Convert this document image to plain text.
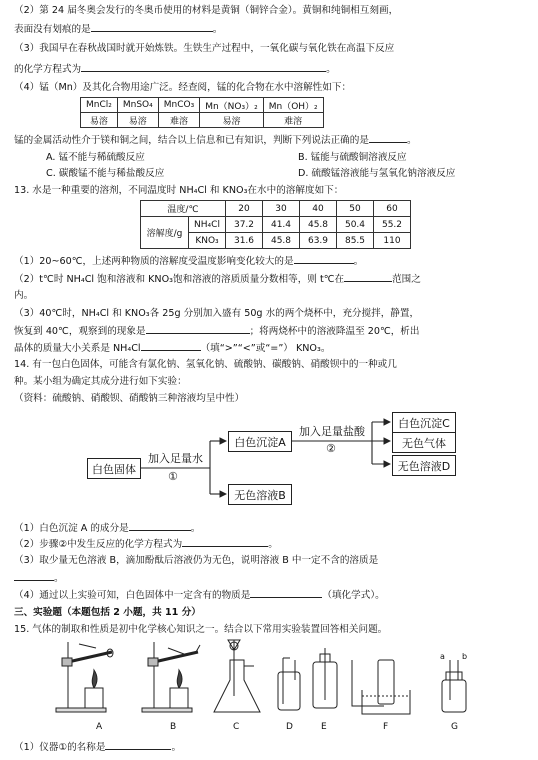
（2）第 24 届冬奥会发行的冬奥币使用的材料是黄铜（铜锌合金）。黄铜和纯铜相互刻画，
表面没有划痕的是	。
（3）我国早在春秋战国时就开始炼铁。生铁生产过程中，一氧化碳与氧化铁在高温下反应
的化学方程式为	。
（4）锰（Mn）及其化合物用途广泛。经查阅，锰的化合物在水中溶解性如下：
MnCl₂	MnSO₄	MnCO₃	Mn（NO₃）₂	Mn（OH）₂
易溶	易溶	难溶	易溶	难溶
锰的金属活动性介于镁和铜之间，结合以上信息和已有知识，判断下列说法正确的是	。
A. 锰不能与稀硫酸反应	B. 锰能与硫酸铜溶液反应
C. 碳酸锰不能与稀盐酸反应	D. 硫酸锰溶液能与氢氧化钠溶液反应
13. 水是一种重要的溶剂，不同温度时 NH₄Cl 和 KNO₃在水中的溶解度如下：
温度/℃		20	30	40	50	60
溶解度/g	NH₄Cl	37.2	41.4	45.8	50.4	55.2
	KNO₃	31.6	45.8	63.9	85.5	110
（1）20~60℃，上述两种物质的溶解度受温度影响变化较大的是	。
（2）t℃时 NH₄Cl 饱和溶液和 KNO₃饱和溶液的溶质质量分数相等，则 t℃在	范围之
内。
（3）40℃时，NH₄Cl 和 KNO₃各 25g 分别加入盛有 50g 水的两个烧杯中，充分搅拌，静置，
恢复到 40℃，观察到的现象是	；将两烧杯中的溶液降温至 20℃，析出
晶体的质量大小关系是 NH₄Cl	（填“>”“<”或“=”） KNO₃。
14. 有一包白色固体，可能含有氯化钠、氢氧化钠、硫酸钠、碳酸钠、硝酸钡中的一种或几
种。某小组为确定其成分进行如下实验：
（资料：硫酸钠、硝酸钡、硝酸钠三种溶液均呈中性）
白色固体
加入足量水
①
白色沉淀A
无色溶液B
加入足量盐酸
②
白色沉淀C
无色气体
无色溶液D
（1）白色沉淀 A 的成分是	。
（2）步骤②中发生反应的化学方程式为	。
（3）取少量无色溶液 B，滴加酚酞后溶液仍为无色，说明溶液 B 中一定不含的溶质是
。
（4）通过以上实验可知，白色固体中一定含有的物质是	（填化学式）。
三、实验题（本题包括 2 小题，共 11 分）
15. 气体的制取和性质是初中化学核心知识之一。结合以下常用实验装置回答相关问题。
A	B	C	D	E	F	G
a b
（1）仪器①的名称是	。
